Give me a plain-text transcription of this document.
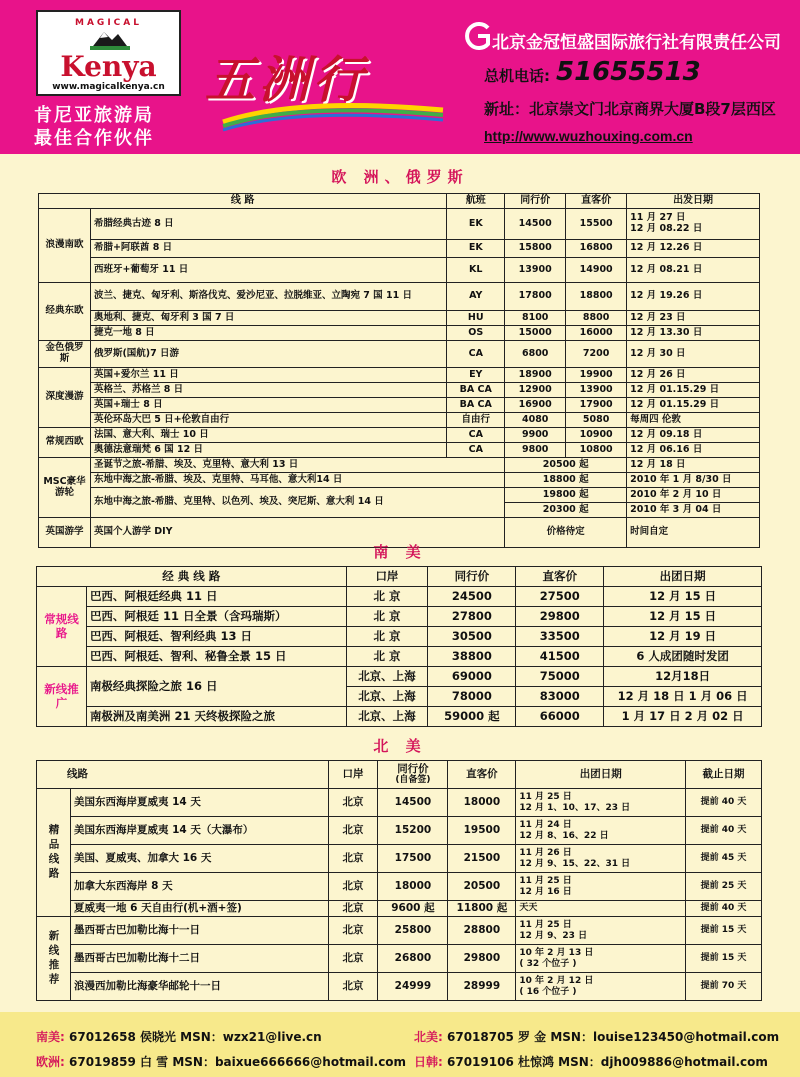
MAGICAL
Kenya
www.magicalkenya.cn
肯尼亚旅游局
最佳合作伙伴
五洲行
北京金冠恒盛国际旅行社有限责任公司
总机电话: 51655513
新址：北京崇文门北京商界大厦B段7层西区
http://www.wuzhouxing.com.cn
欧 洲、俄罗斯
线 路		航班	同行价	直客价	出发日期
浪漫南欧	希腊经典古迹 8 日	EK	14500	15500	11 月 27 日
12 月 08.22 日
	希腊+阿联酋 8 日	EK	15800	16800	12 月 12.26 日
	西班牙+葡萄牙 11 日	KL	13900	14900	12 月 08.21 日
经典东欧	波兰、捷克、匈牙利、斯洛伐克、爱沙尼亚、拉脱维亚、立陶宛 7 国 11 日	AY	17800	18800	12 月 19.26 日
	奥地利、捷克、匈牙利 3 国 7 日	HU	8100	8800	12 月 23 日
	捷克一地 8 日	OS	15000	16000	12 月 13.30 日
金色俄罗斯	俄罗斯(国航)7 日游	CA	6800	7200	12 月 30 日
深度漫游	英国+爱尔兰 11 日	EY	18900	19900	12 月 26 日
	英格兰、苏格兰 8 日	BA CA	12900	13900	12 月 01.15.29 日
	英国+瑞士 8 日	BA CA	16900	17900	12 月 01.15.29 日
	英伦环岛大巴 5 日+伦敦自由行	自由行	4080	5080	每周四 伦敦
常规西欧	法国、意大利、瑞士 10 日	CA	9900	10900	12 月 09.18 日
	奥德法意瑞梵 6 国 12 日	CA	9800	10800	12 月 06.16 日
MSC豪华游轮	圣诞节之旅-希腊、埃及、克里特、意大利 13 日		20500 起		12 月 18 日
	东地中海之旅-希腊、埃及、克里特、马耳他、意大利14 日		18800 起		2010 年 1 月 8/30 日
	东地中海之旅-希腊、克里特、以色列、埃及、突尼斯、意大利 14 日		19800 起		2010 年 2 月 10 日
			20300 起		2010 年 3 月 04 日
英国游学	英国个人游学 DIY		价格待定		时间自定
南 美
经 典 线 路		口岸	同行价	直客价	出团日期
常规线路	巴西、阿根廷经典 11 日	北 京	24500	27500	12 月 15 日
	巴西、阿根廷 11 日全景（含玛瑞斯）	北 京	27800	29800	12 月 15 日
	巴西、阿根廷、智利经典 13 日	北 京	30500	33500	12 月 19 日
	巴西、阿根廷、智利、秘鲁全景 15 日	北 京	38800	41500	6 人成团随时发团
新线推广	南极经典探险之旅 16 日	北京、上海	69000	75000	12月18日
		北京、上海	78000	83000	12 月 18 日 1 月 06 日
	南极洲及南美洲 21 天终极探险之旅	北京、上海	59000 起	66000	1 月 17 日 2 月 02 日
北 美
线路		口岸	同行价
(自备签)	直客价	出团日期	截止日期
精品线路	美国东西海岸夏威夷 14 天	北京	14500	18000	11 月 25 日
12 月 1、10、17、23 日	提前 40 天
	美国东西海岸夏威夷 14 天（大瀑布）	北京	15200	19500	11 月 24 日
12 月 8、16、22 日	提前 40 天
	美国、夏威夷、加拿大 16 天	北京	17500	21500	11 月 26 日
12 月 9、15、22、31 日	提前 45 天
	加拿大东西海岸 8 天	北京	18000	20500	11 月 25 日
12 月 16 日	提前 25 天
	夏威夷一地 6 天自由行(机+酒+签)	北京	9600 起	11800 起	天天	提前 40 天
新线推荐	墨西哥古巴加勒比海十一日	北京	25800	28800	11 月 25 日
12 月 9、23 日	提前 15 天
	墨西哥古巴加勒比海十二日	北京	26800	29800	10 年 2 月 13 日
( 32 个位子 )	提前 15 天
	浪漫西加勒比海豪华邮轮十一日	北京	24999	28999	10 年 2 月 12 日
( 16 个位子 )	提前 70 天
南美: 67012658 侯晓光 MSN：wzx21@live.cn
欧洲: 67019859 白 雪 MSN：baixue666666@hotmail.com
北美: 67018705 罗 金 MSN：louise123450@hotmail.com
日韩: 67019106 杜惊鸿 MSN：djh009886@hotmail.com
